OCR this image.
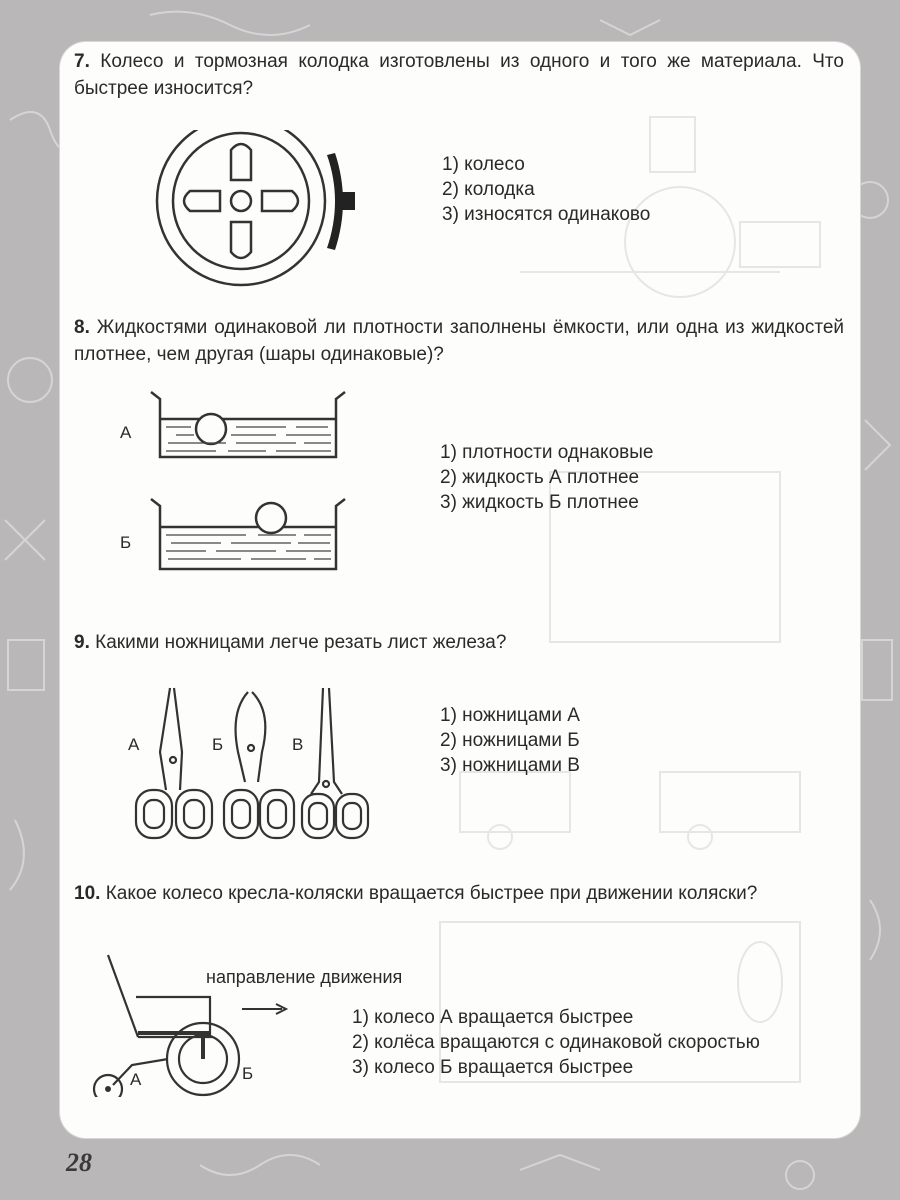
7. Колесо и тормозная колодка изготовлены из одного и того же материала. Что быстрее износится?
1) колесо
2) колодка
3) износятся одинаково
8. Жидкостями одинаковой ли плотности заполнены ёмкости, или одна из жидкостей плотнее, чем другая (шары одинаковые)?
А
Б
1) плотности однаковые
2) жидкость А плотнее
3) жидкость Б плотнее
9. Какими ножницами легче резать лист железа?
А	Б	В
1) ножницами А
2) ножницами Б
3) ножницами В
10. Какое колесо кресла-коляски вращается быстрее при движении коляски?
направление движения
А	Б
1) колесо А вращается быстрее
2) колёса вращаются с одинаковой скоростью
3) колесо Б вращается быстрее
28
